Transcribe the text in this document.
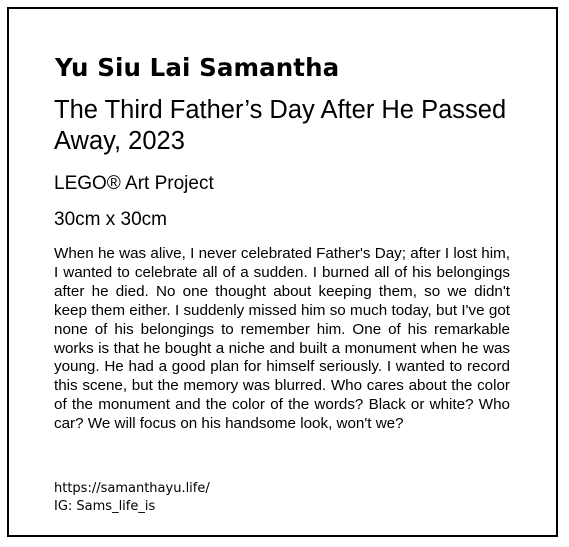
Yu Siu Lai Samantha
The Third Father’s Day After He Passed Away, 2023

LEGO® Art Project

30cm x 30cm

When he was alive, I never celebrated Father's Day; after I lost him, I wanted to celebrate all of a sudden. I burned all of his belongings after he died. No one thought about keeping them, so we didn't keep them either. I suddenly missed him so much today, but I've got none of his belongings to remember him. One of his remarkable works is that he bought a niche and built a monument when he was young. He had a good plan for himself seriously. I wanted to record this scene, but the memory was blurred. Who cares about the color of the monument and the color of the words? Black or white? Who car? We will focus on his handsome look, won't we?

https://samanthayu.life/
IG: Sams_life_is
